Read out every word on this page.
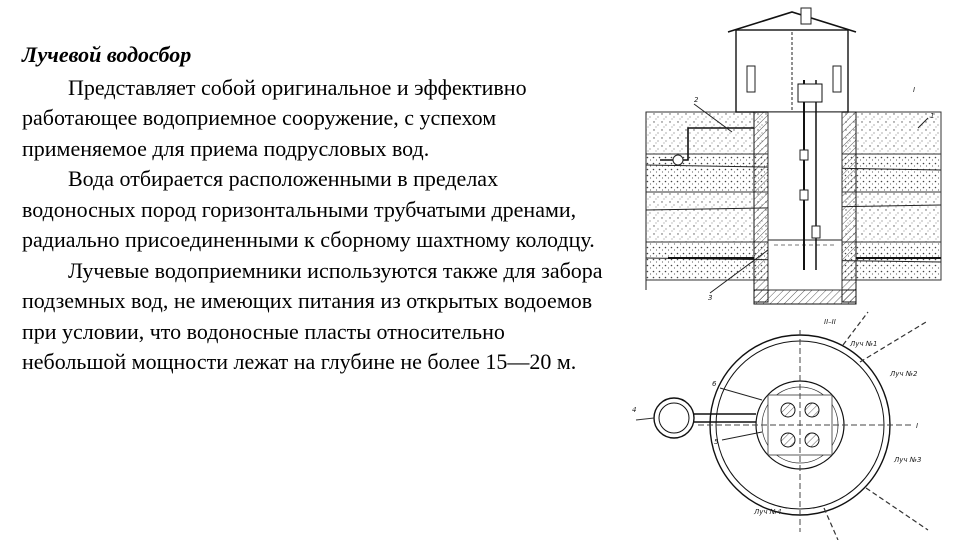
Лучевой водосбор

Представляет собой оригинальное и эффективно работающее водоприемное сооружение, с успехом применяемое для приема подрусловых вод.

Вода отбирается расположенными в пределах водоносных пород горизонтальными трубчатыми дренами, радиально присоединенными к сборному шахтному колодцу.

Лучевые водоприемники используются также для забора подземных вод, не имеющих питания из открытых водоемов при условии, что водоносные пласты относительно небольшой мощности лежат на глубине не более 15—20 м.

2
1
3
I
II–II
Луч №1
Луч №2
Луч №3
Луч №4
6
5
I
4
